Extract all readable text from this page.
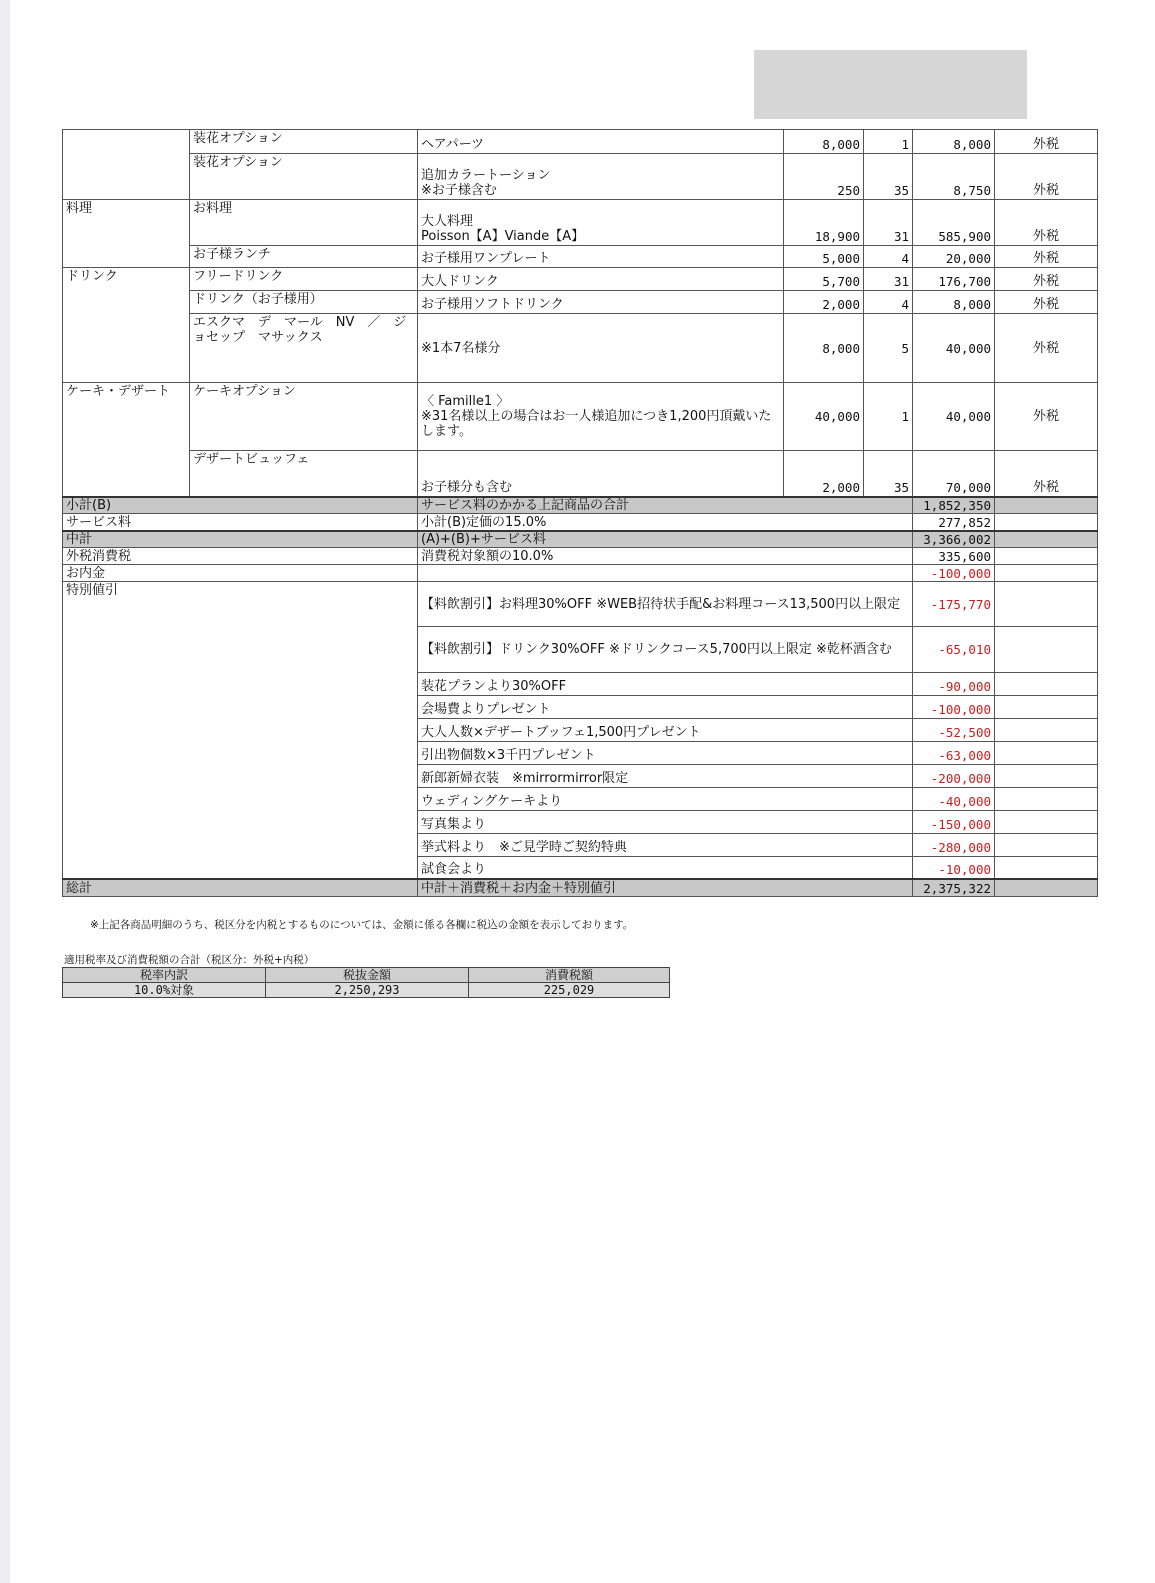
	装花オプション	ヘアパーツ	8,000	1	8,000	外税
	装花オプション	追加カラートーション
※お子様含む	250	35	8,750	外税
料理	お料理	大人料理
Poisson【A】Viande【A】	18,900	31	585,900	外税
	お子様ランチ	お子様用ワンプレート	5,000	4	20,000	外税
ドリンク	フリードリンク	大人ドリンク	5,700	31	176,700	外税
	ドリンク（お子様用）	お子様用ソフトドリンク	2,000	4	8,000	外税
	エスクマ　デ　マール　NV　／　ジョセップ　マサックス	※1本7名様分	8,000	5	40,000	外税
ケーキ・デザート	ケーキオプション	〈 Famille1 〉
※31名様以上の場合はお一人様追加につき1,200円頂戴いたします。	40,000	1	40,000	外税
	デザートビュッフェ	お子様分も含む	2,000	35	70,000	外税
小計(B)		サービス料のかかる上記商品の合計			1,852,350	
サービス料		小計(B)定価の15.0%			277,852	
中計		(A)+(B)+サービス料			3,366,002	
外税消費税		消費税対象額の10.0%			335,600	
お内金					-100,000	
特別値引		【料飲割引】お料理30%OFF ※WEB招待状手配&お料理コース13,500円以上限定			-175,770	
		【料飲割引】ドリンク30%OFF ※ドリンクコース5,700円以上限定 ※乾杯酒含む			-65,010	
		装花プランより30%OFF			-90,000	
		会場費よりプレゼント			-100,000	
		大人人数×デザートブッフェ1,500円プレゼント			-52,500	
		引出物個数×3千円プレゼント			-63,000	
		新郎新婦衣装　※mirrormirror限定			-200,000	
		ウェディングケーキより			-40,000	
		写真集より			-150,000	
		挙式料より　※ご見学時ご契約特典			-280,000	
		試食会より			-10,000	
総計		中計＋消費税＋お内金＋特別値引			2,375,322	
※上記各商品明細のうち、税区分を内税とするものについては、金額に係る各欄に税込の金額を表示しております。
適用税率及び消費税額の合計（税区分：外税+内税）
税率内訳	税抜金額	消費税額
10.0%対象	2,250,293	225,029
